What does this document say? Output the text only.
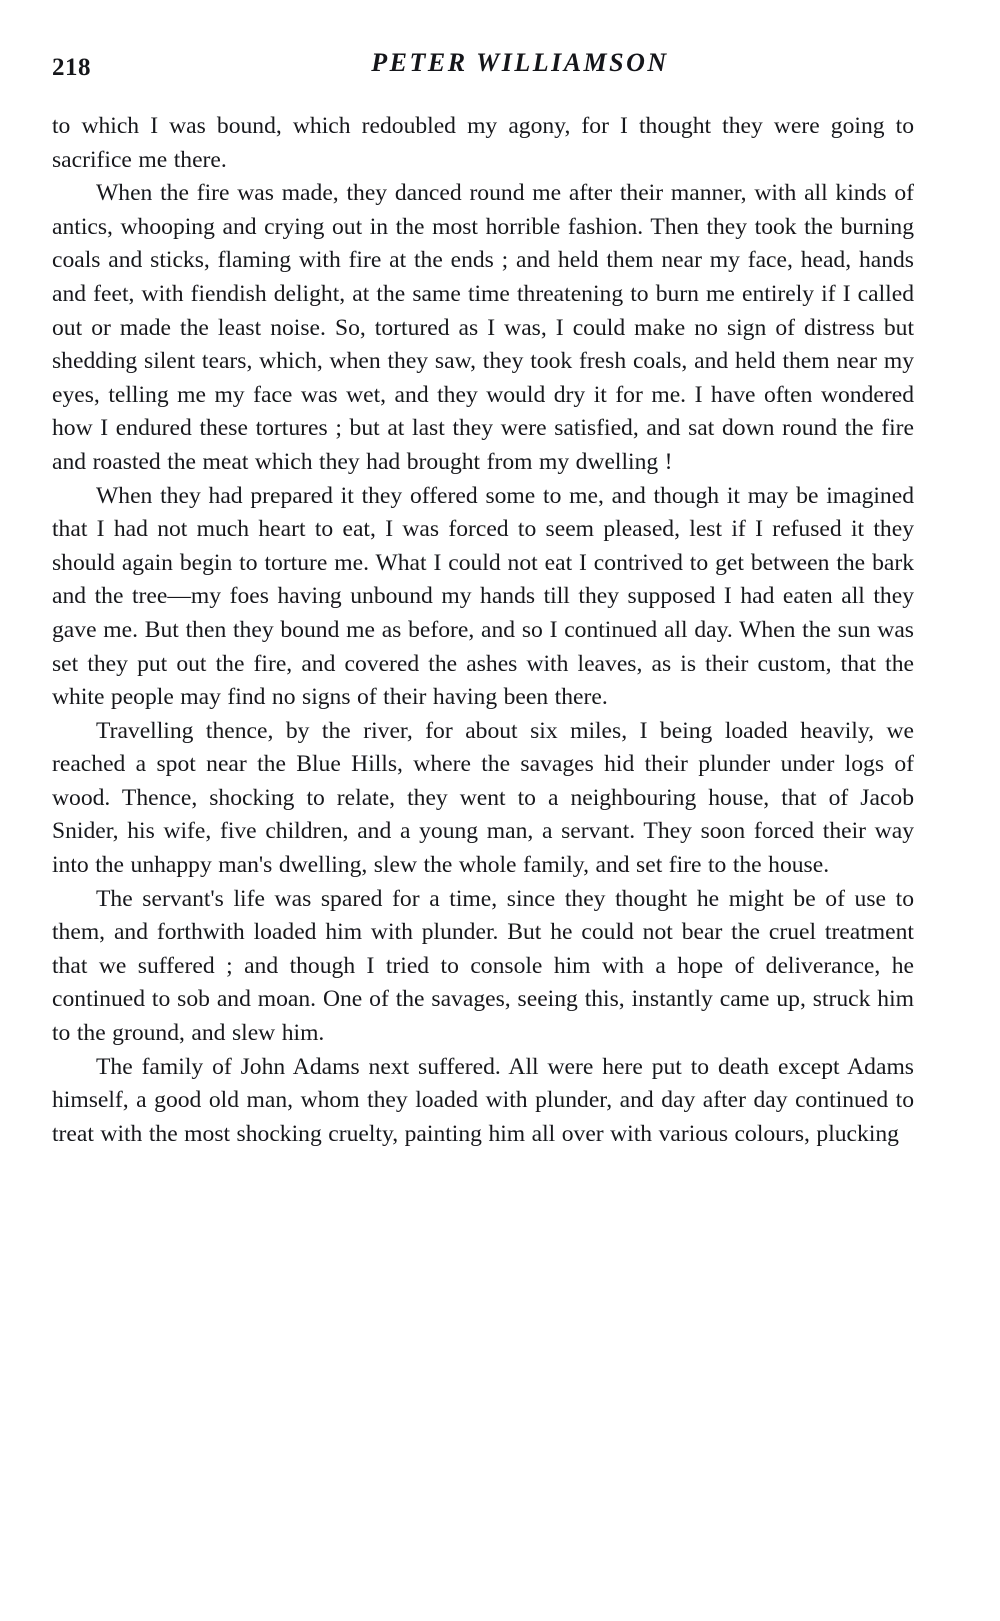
218	PETER WILLIAMSON

to which I was bound, which redoubled my agony, for I thought they were going to sacrifice me there.

When the fire was made, they danced round me after their manner, with all kinds of antics, whooping and crying out in the most horrible fashion. Then they took the burning coals and sticks, flaming with fire at the ends ; and held them near my face, head, hands and feet, with fiendish delight, at the same time threatening to burn me entirely if I called out or made the least noise. So, tortured as I was, I could make no sign of distress but shedding silent tears, which, when they saw, they took fresh coals, and held them near my eyes, telling me my face was wet, and they would dry it for me. I have often wondered how I endured these tortures ; but at last they were satisfied, and sat down round the fire and roasted the meat which they had brought from my dwelling !

When they had prepared it they offered some to me, and though it may be imagined that I had not much heart to eat, I was forced to seem pleased, lest if I refused it they should again begin to torture me. What I could not eat I contrived to get between the bark and the tree—my foes having unbound my hands till they supposed I had eaten all they gave me. But then they bound me as before, and so I continued all day. When the sun was set they put out the fire, and covered the ashes with leaves, as is their custom, that the white people may find no signs of their having been there.

Travelling thence, by the river, for about six miles, I being loaded heavily, we reached a spot near the Blue Hills, where the savages hid their plunder under logs of wood. Thence, shocking to relate, they went to a neighbouring house, that of Jacob Snider, his wife, five children, and a young man, a servant. They soon forced their way into the unhappy man's dwelling, slew the whole family, and set fire to the house.

The servant's life was spared for a time, since they thought he might be of use to them, and forthwith loaded him with plunder. But he could not bear the cruel treatment that we suffered ; and though I tried to console him with a hope of deliverance, he continued to sob and moan. One of the savages, seeing this, instantly came up, struck him to the ground, and slew him.

The family of John Adams next suffered. All were here put to death except Adams himself, a good old man, whom they loaded with plunder, and day after day continued to treat with the most shocking cruelty, painting him all over with various colours, plucking
